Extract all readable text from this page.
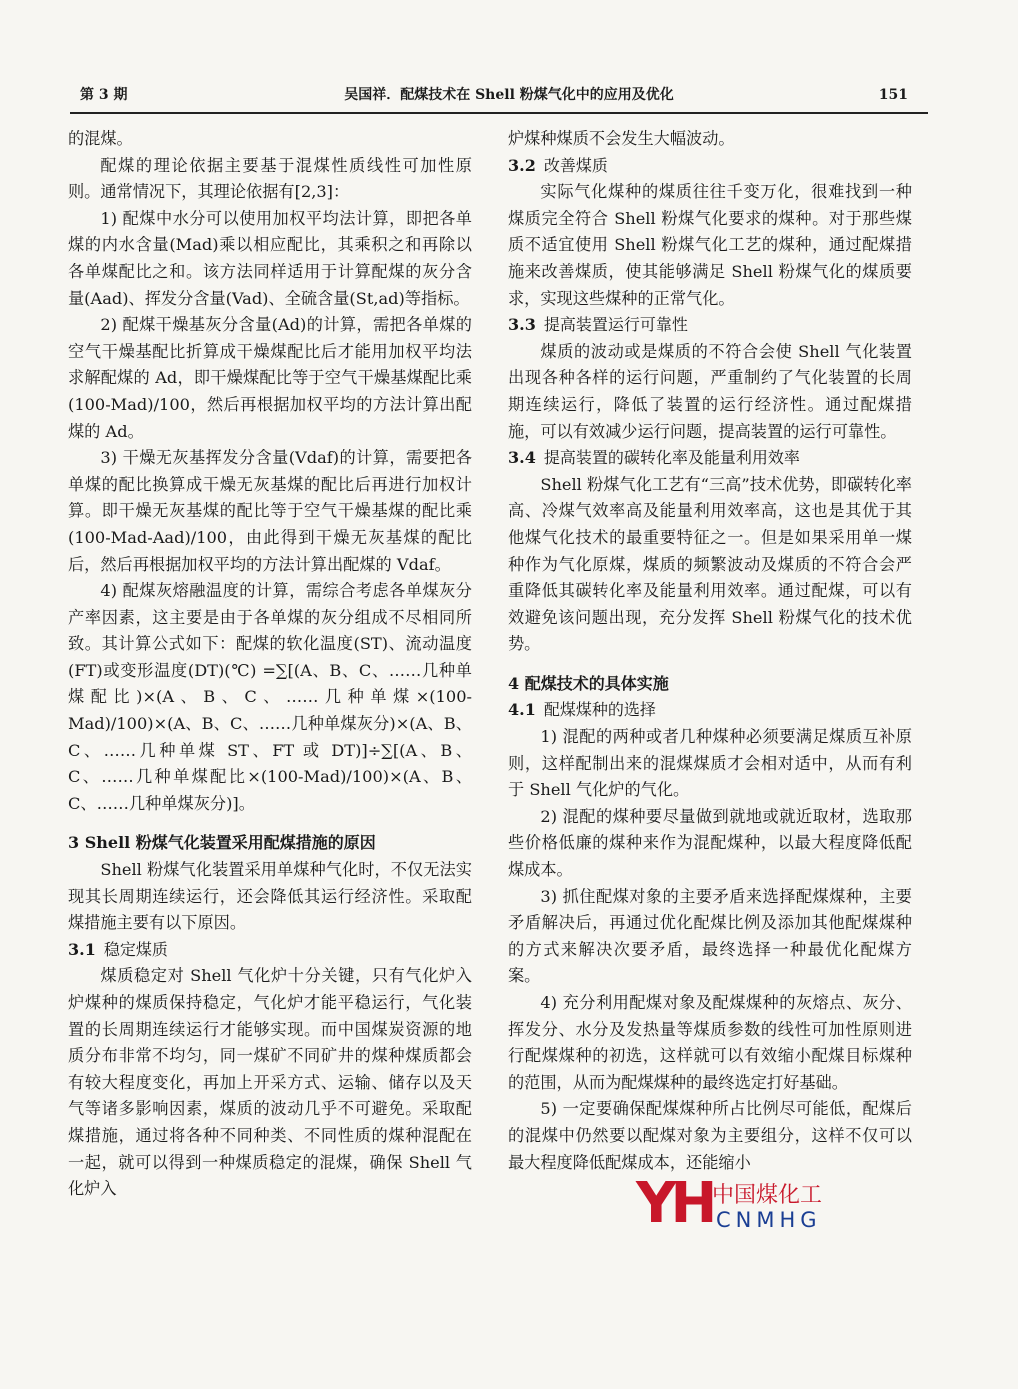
第 3 期	吴国祥．配煤技术在 Shell 粉煤气化中的应用及优化	151

的混煤。

配煤的理论依据主要基于混煤性质线性可加性原则。通常情况下，其理论依据有[2,3]：

1) 配煤中水分可以使用加权平均法计算，即把各单煤的内水含量(Mad)乘以相应配比，其乘积之和再除以各单煤配比之和。该方法同样适用于计算配煤的灰分含量(Aad)、挥发分含量(Vad)、全硫含量(St,ad)等指标。

2) 配煤干燥基灰分含量(Ad)的计算，需把各单煤的空气干燥基配比折算成干燥煤配比后才能用加权平均法求解配煤的 Ad，即干燥煤配比等于空气干燥基煤配比乘(100-Mad)/100，然后再根据加权平均的方法计算出配煤的 Ad。

3) 干燥无灰基挥发分含量(Vdaf)的计算，需要把各单煤的配比换算成干燥无灰基煤的配比后再进行加权计算。即干燥无灰基煤的配比等于空气干燥基煤的配比乘 (100-Mad-Aad)/100，由此得到干燥无灰基煤的配比后，然后再根据加权平均的方法计算出配煤的 Vdaf。

4) 配煤灰熔融温度的计算，需综合考虑各单煤灰分产率因素，这主要是由于各单煤的灰分组成不尽相同所致。其计算公式如下：配煤的软化温度(ST)、流动温度(FT)或变形温度(DT)(℃) =∑[(A、B、C、……几种单煤配比)×(A、B、C、……几种单煤×(100-Mad)/100)×(A、B、C、……几种单煤灰分)×(A、B、C、……几种单煤 ST、FT 或 DT)]÷∑[(A、B、C、……几种单煤配比×(100-Mad)/100)×(A、B、C、……几种单煤灰分)]。

3 Shell 粉煤气化装置采用配煤措施的原因

Shell 粉煤气化装置采用单煤种气化时，不仅无法实现其长周期连续运行，还会降低其运行经济性。采取配煤措施主要有以下原因。

3.1 稳定煤质

煤质稳定对 Shell 气化炉十分关键，只有气化炉入炉煤种的煤质保持稳定，气化炉才能平稳运行，气化装置的长周期连续运行才能够实现。而中国煤炭资源的地质分布非常不均匀，同一煤矿不同矿井的煤种煤质都会有较大程度变化，再加上开采方式、运输、储存以及天气等诸多影响因素，煤质的波动几乎不可避免。采取配煤措施，通过将各种不同种类、不同性质的煤种混配在一起，就可以得到一种煤质稳定的混煤，确保 Shell 气化炉入

炉煤种煤质不会发生大幅波动。

3.2 改善煤质

实际气化煤种的煤质往往千变万化，很难找到一种煤质完全符合 Shell 粉煤气化要求的煤种。对于那些煤质不适宜使用 Shell 粉煤气化工艺的煤种，通过配煤措施来改善煤质，使其能够满足 Shell 粉煤气化的煤质要求，实现这些煤种的正常气化。

3.3 提高装置运行可靠性

煤质的波动或是煤质的不符合会使 Shell 气化装置出现各种各样的运行问题，严重制约了气化装置的长周期连续运行，降低了装置的运行经济性。通过配煤措施，可以有效减少运行问题，提高装置的运行可靠性。

3.4 提高装置的碳转化率及能量利用效率

Shell 粉煤气化工艺有“三高”技术优势，即碳转化率高、冷煤气效率高及能量利用效率高，这也是其优于其他煤气化技术的最重要特征之一。但是如果采用单一煤种作为气化原煤，煤质的频繁波动及煤质的不符合会严重降低其碳转化率及能量利用效率。通过配煤，可以有效避免该问题出现，充分发挥 Shell 粉煤气化的技术优势。

4 配煤技术的具体实施
4.1 配煤煤种的选择

1) 混配的两种或者几种煤种必须要满足煤质互补原则，这样配制出来的混煤煤质才会相对适中，从而有利于 Shell 气化炉的气化。

2) 混配的煤种要尽量做到就地或就近取材，选取那些价格低廉的煤种来作为混配煤种，以最大程度降低配煤成本。

3) 抓住配煤对象的主要矛盾来选择配煤煤种，主要矛盾解决后，再通过优化配煤比例及添加其他配煤煤种的方式来解决次要矛盾，最终选择一种最优化配煤方案。

4) 充分利用配煤对象及配煤煤种的灰熔点、灰分、挥发分、水分及发热量等煤质参数的线性可加性原则进行配煤煤种的初选，这样就可以有效缩小配煤目标煤种的范围，从而为配煤煤种的最终选定打好基础。

5) 一定要确保配煤煤种所占比例尽可能低，配煤后的混煤中仍然要以配煤对象为主要组分，这样不仅可以最大程度降低配煤成本，还能缩小

YH 中国煤化工
CNMHG
